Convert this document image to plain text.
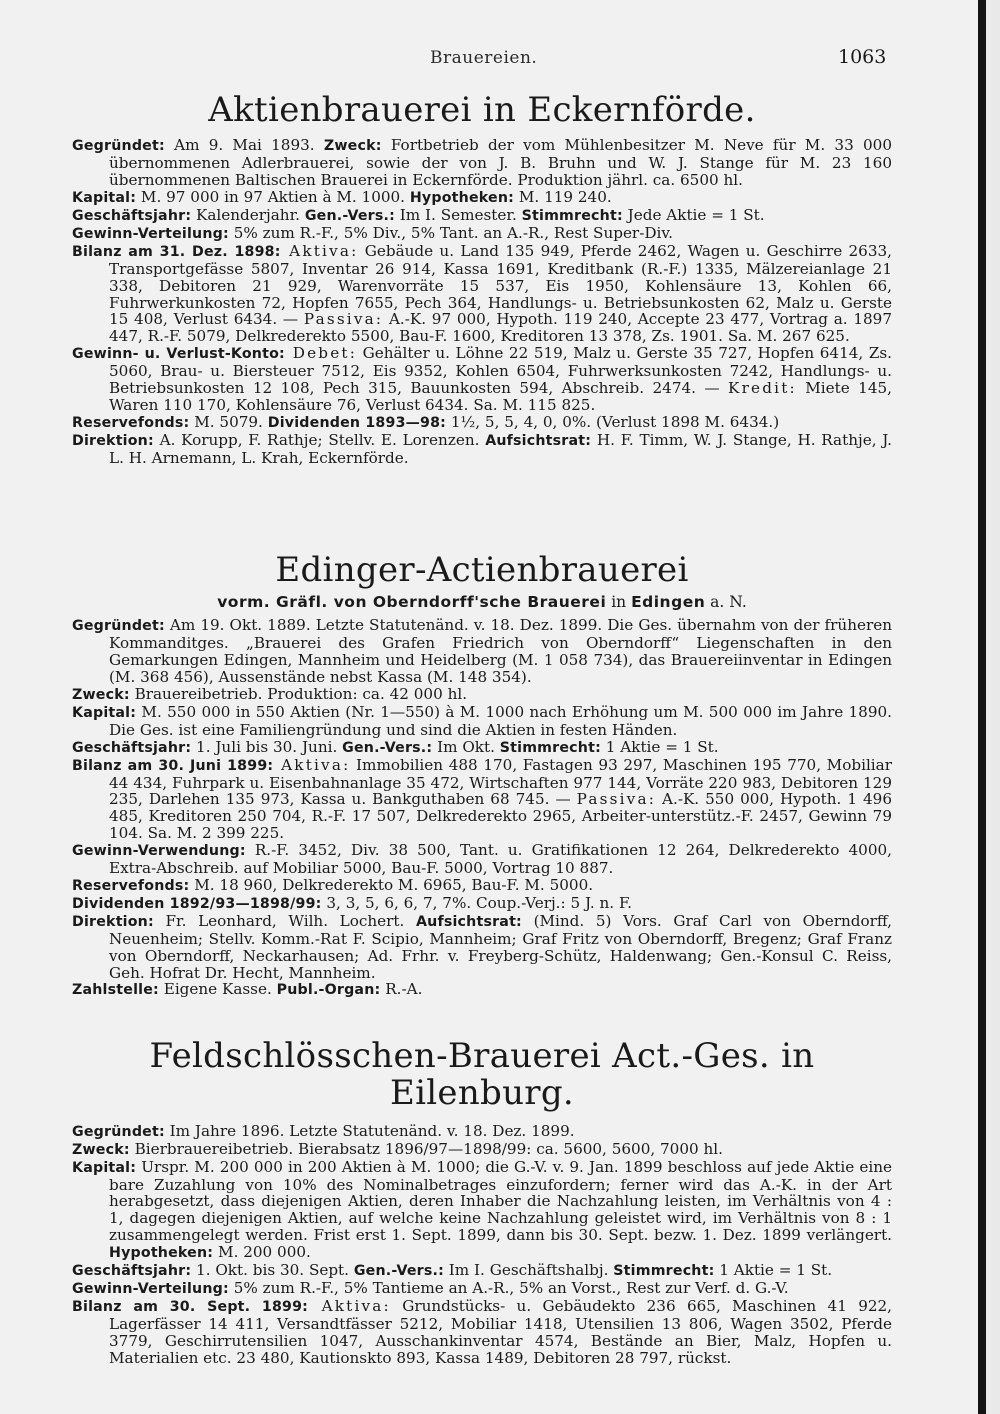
Brauereien.	1063
Aktienbrauerei in Eckernförde.

Gegründet: Am 9. Mai 1893. Zweck: Fortbetrieb der vom Mühlenbesitzer M. Neve für M. 33 000 übernommenen Adlerbrauerei, sowie der von J. B. Bruhn und W. J. Stange für M. 23 160 übernommenen Baltischen Brauerei in Eckernförde. Produktion jährl. ca. 6500 hl.

Kapital: M. 97 000 in 97 Aktien à M. 1000. Hypotheken: M. 119 240.

Geschäftsjahr: Kalenderjahr. Gen.-Vers.: Im I. Semester. Stimmrecht: Jede Aktie = 1 St.

Gewinn-Verteilung: 5% zum R.-F., 5% Div., 5% Tant. an A.-R., Rest Super-Div.

Bilanz am 31. Dez. 1898: Aktiva: Gebäude u. Land 135 949, Pferde 2462, Wagen u. Geschirre 2633, Transportgefässe 5807, Inventar 26 914, Kassa 1691, Kreditbank (R.-F.) 1335, Mälzereianlage 21 338, Debitoren 21 929, Warenvorräte 15 537, Eis 1950, Kohlensäure 13, Kohlen 66, Fuhrwerkunkosten 72, Hopfen 7655, Pech 364, Handlungs- u. Betriebsunkosten 62, Malz u. Gerste 15 408, Verlust 6434. — Passiva: A.-K. 97 000, Hypoth. 119 240, Accepte 23 477, Vortrag a. 1897 447, R.-F. 5079, Delkrederekto 5500, Bau-F. 1600, Kreditoren 13 378, Zs. 1901. Sa. M. 267 625.

Gewinn- u. Verlust-Konto: Debet: Gehälter u. Löhne 22 519, Malz u. Gerste 35 727, Hopfen 6414, Zs. 5060, Brau- u. Biersteuer 7512, Eis 9352, Kohlen 6504, Fuhrwerksunkosten 7242, Handlungs- u. Betriebsunkosten 12 108, Pech 315, Bauunkosten 594, Abschreib. 2474. — Kredit: Miete 145, Waren 110 170, Kohlensäure 76, Verlust 6434. Sa. M. 115 825.

Reservefonds: M. 5079. Dividenden 1893—98: 1½, 5, 5, 4, 0, 0%. (Verlust 1898 M. 6434.)

Direktion: A. Korupp, F. Rathje; Stellv. E. Lorenzen. Aufsichtsrat: H. F. Timm, W. J. Stange, H. Rathje, J. L. H. Arnemann, L. Krah, Eckernförde.

Edinger-Actienbrauerei

vorm. Gräfl. von Oberndorff'sche Brauerei in Edingen a. N.

Gegründet: Am 19. Okt. 1889. Letzte Statutenänd. v. 18. Dez. 1899. Die Ges. übernahm von der früheren Kommanditges. „Brauerei des Grafen Friedrich von Oberndorff“ Liegenschaften in den Gemarkungen Edingen, Mannheim und Heidelberg (M. 1 058 734), das Brauereiinventar in Edingen (M. 368 456), Aussenstände nebst Kassa (M. 148 354).

Zweck: Brauereibetrieb. Produktion: ca. 42 000 hl.

Kapital: M. 550 000 in 550 Aktien (Nr. 1—550) à M. 1000 nach Erhöhung um M. 500 000 im Jahre 1890. Die Ges. ist eine Familiengründung und sind die Aktien in festen Händen.

Geschäftsjahr: 1. Juli bis 30. Juni. Gen.-Vers.: Im Okt. Stimmrecht: 1 Aktie = 1 St.

Bilanz am 30. Juni 1899: Aktiva: Immobilien 488 170, Fastagen 93 297, Maschinen 195 770, Mobiliar 44 434, Fuhrpark u. Eisenbahnanlage 35 472, Wirtschaften 977 144, Vorräte 220 983, Debitoren 129 235, Darlehen 135 973, Kassa u. Bankguthaben 68 745. — Passiva: A.-K. 550 000, Hypoth. 1 496 485, Kreditoren 250 704, R.-F. 17 507, Delkrederekto 2965, Arbeiter-unterstütz.-F. 2457, Gewinn 79 104. Sa. M. 2 399 225.

Gewinn-Verwendung: R.-F. 3452, Div. 38 500, Tant. u. Gratifikationen 12 264, Delkrederekto 4000, Extra-Abschreib. auf Mobiliar 5000, Bau-F. 5000, Vortrag 10 887.

Reservefonds: M. 18 960, Delkrederekto M. 6965, Bau-F. M. 5000.

Dividenden 1892/93—1898/99: 3, 3, 5, 6, 6, 7, 7%. Coup.-Verj.: 5 J. n. F.

Direktion: Fr. Leonhard, Wilh. Lochert. Aufsichtsrat: (Mind. 5) Vors. Graf Carl von Oberndorff, Neuenheim; Stellv. Komm.-Rat F. Scipio, Mannheim; Graf Fritz von Oberndorff, Bregenz; Graf Franz von Oberndorff, Neckarhausen; Ad. Frhr. v. Freyberg-Schütz, Haldenwang; Gen.-Konsul C. Reiss, Geh. Hofrat Dr. Hecht, Mannheim.

Zahlstelle: Eigene Kasse. Publ.-Organ: R.-A.

Feldschlösschen-Brauerei Act.-Ges. in Eilenburg.

Gegründet: Im Jahre 1896. Letzte Statutenänd. v. 18. Dez. 1899.

Zweck: Bierbrauereibetrieb. Bierabsatz 1896/97—1898/99: ca. 5600, 5600, 7000 hl.

Kapital: Urspr. M. 200 000 in 200 Aktien à M. 1000; die G.-V. v. 9. Jan. 1899 beschloss auf jede Aktie eine bare Zuzahlung von 10% des Nominalbetrages einzufordern; ferner wird das A.-K. in der Art herabgesetzt, dass diejenigen Aktien, deren Inhaber die Nachzahlung leisten, im Verhältnis von 4 : 1, dagegen diejenigen Aktien, auf welche keine Nachzahlung geleistet wird, im Verhältnis von 8 : 1 zusammengelegt werden. Frist erst 1. Sept. 1899, dann bis 30. Sept. bezw. 1. Dez. 1899 verlängert. Hypotheken: M. 200 000.

Geschäftsjahr: 1. Okt. bis 30. Sept. Gen.-Vers.: Im I. Geschäftshalbj. Stimmrecht: 1 Aktie = 1 St.

Gewinn-Verteilung: 5% zum R.-F., 5% Tantieme an A.-R., 5% an Vorst., Rest zur Verf. d. G.-V.

Bilanz am 30. Sept. 1899: Aktiva: Grundstücks- u. Gebäudekto 236 665, Maschinen 41 922, Lagerfässer 14 411, Versandtfässer 5212, Mobiliar 1418, Utensilien 13 806, Wagen 3502, Pferde 3779, Geschirrutensilien 1047, Ausschankinventar 4574, Bestände an Bier, Malz, Hopfen u. Materialien etc. 23 480, Kautionskto 893, Kassa 1489, Debitoren 28 797, rückst.
